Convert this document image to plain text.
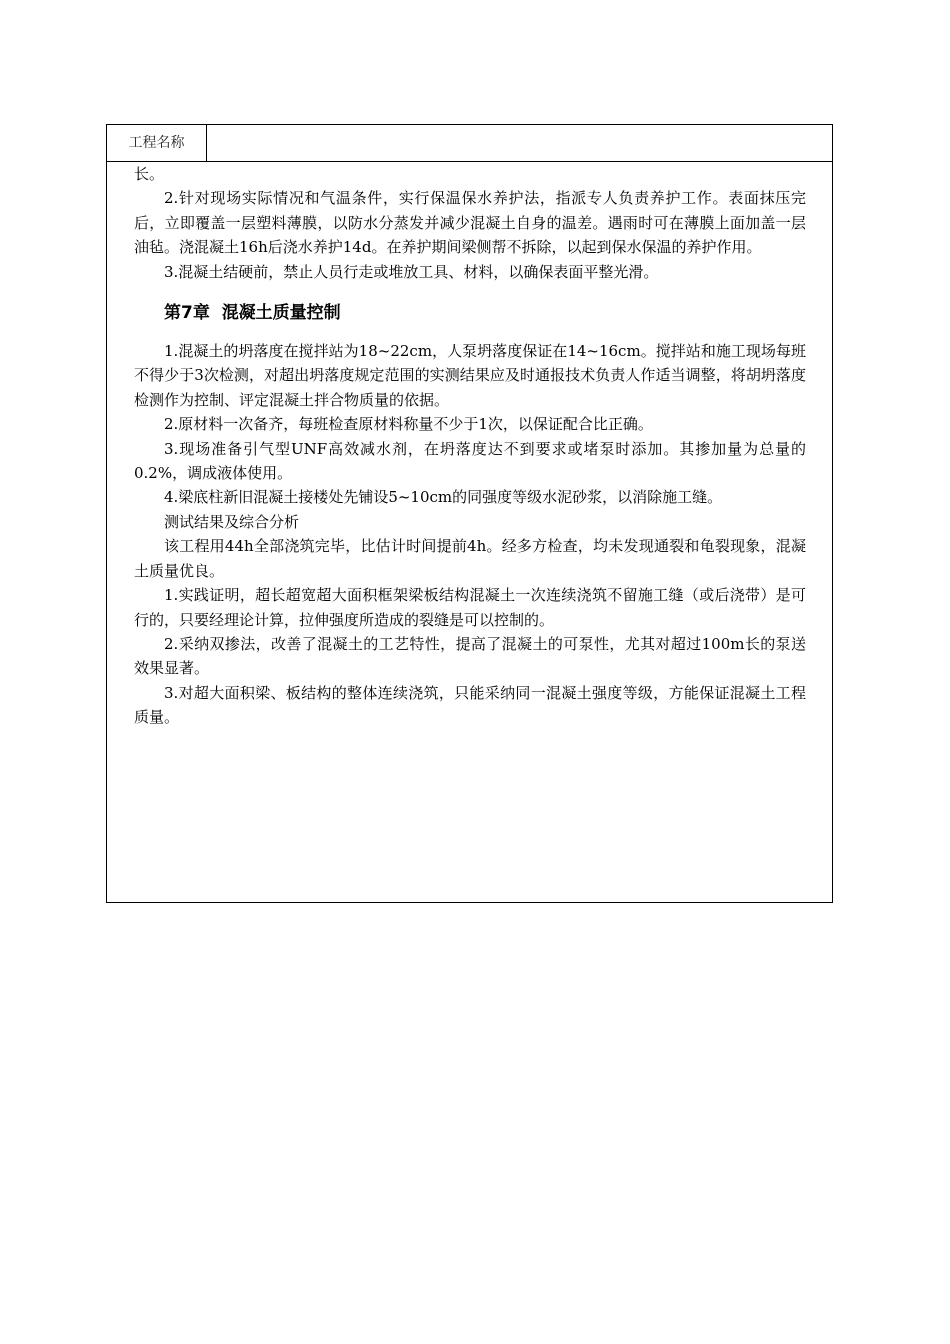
工程名称

长。

2.针对现场实际情况和气温条件，实行保温保水养护法，指派专人负责养护工作。表面抹压完后，立即覆盖一层塑料薄膜，以防水分蒸发并减少混凝土自身的温差。遇雨时可在薄膜上面加盖一层油毡。浇混凝土16h后浇水养护14d。在养护期间梁侧帮不拆除，以起到保水保温的养护作用。

3.混凝土结硬前，禁止人员行走或堆放工具、材料，以确保表面平整光滑。

第7章 混凝土质量控制

1.混凝土的坍落度在搅拌站为18~22cm，人泵坍落度保证在14~16cm。搅拌站和施工现场每班不得少于3次检测，对超出坍落度规定范围的实测结果应及时通报技术负责人作适当调整，将胡坍落度检测作为控制、评定混凝土拌合物质量的依据。

2.原材料一次备齐，每班检查原材料称量不少于1次，以保证配合比正确。

3.现场准备引气型UNF高效减水剂，在坍落度达不到要求或堵泵时添加。其掺加量为总量的0.2%，调成液体使用。

4.梁底柱新旧混凝土接楼处先铺设5~10cm的同强度等级水泥砂浆，以消除施工缝。

测试结果及综合分析

该工程用44h全部浇筑完毕，比估计时间提前4h。经多方检查，均未发现通裂和龟裂现象，混凝土质量优良。

1.实践证明，超长超宽超大面积框架梁板结构混凝土一次连续浇筑不留施工缝（或后浇带）是可行的，只要经理论计算，拉伸强度所造成的裂缝是可以控制的。

2.采纳双掺法，改善了混凝土的工艺特性，提高了混凝土的可泵性，尤其对超过100m长的泵送效果显著。

3.对超大面积梁、板结构的整体连续浇筑，只能采纳同一混凝土强度等级，方能保证混凝土工程质量。
